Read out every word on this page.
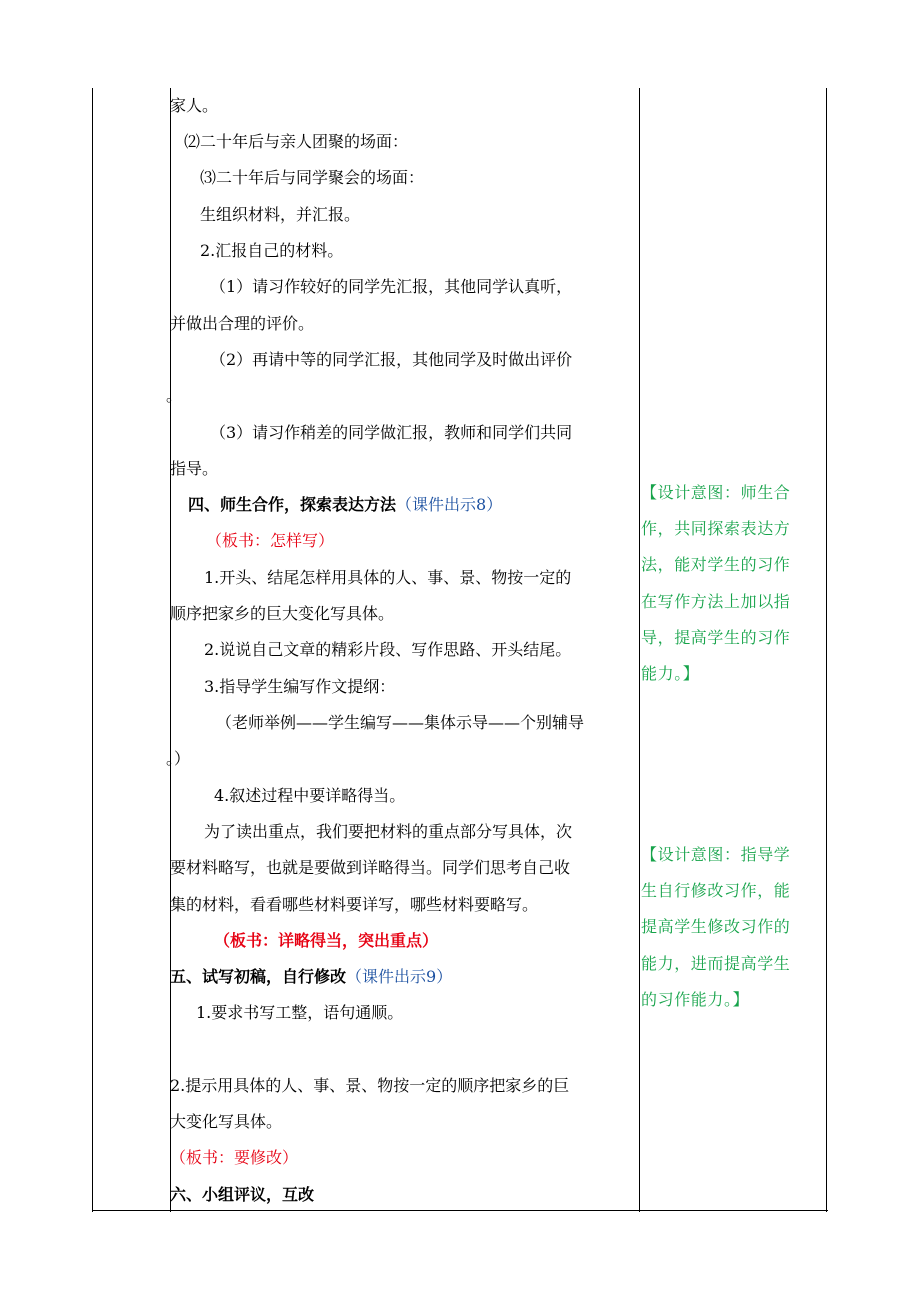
家人。
⑵二十年后与亲人团聚的场面：
⑶二十年后与同学聚会的场面：
生组织材料，并汇报。
2.汇报自己的材料。
（1）请习作较好的同学先汇报，其他同学认真听，
并做出合理的评价。
（2）再请中等的同学汇报，其他同学及时做出评价
。
（3）请习作稍差的同学做汇报，教师和同学们共同
指导。
四、师生合作，探索表达方法（课件出示8）
（板书：怎样写）
1.开头、结尾怎样用具体的人、事、景、物按一定的
顺序把家乡的巨大变化写具体。
2.说说自己文章的精彩片段、写作思路、开头结尾。
3.指导学生编写作文提纲：
（老师举例——学生编写——集体示导——个别辅导
。）
4.叙述过程中要详略得当。
为了读出重点，我们要把材料的重点部分写具体，次
要材料略写，也就是要做到详略得当。同学们思考自己收
集的材料，看看哪些材料要详写，哪些材料要略写。
（板书：详略得当，突出重点）
五、试写初稿，自行修改（课件出示9）
1.要求书写工整，语句通顺。
2.提示用具体的人、事、景、物按一定的顺序把家乡的巨
大变化写具体。
（板书：要修改）
六、小组评议，互改
【设计意图：师生合
作，共同探索表达方
法，能对学生的习作
在写作方法上加以指
导，提高学生的习作
能力。】
【设计意图：指导学
生自行修改习作，能
提高学生修改习作的
能力，进而提高学生
的习作能力。】
